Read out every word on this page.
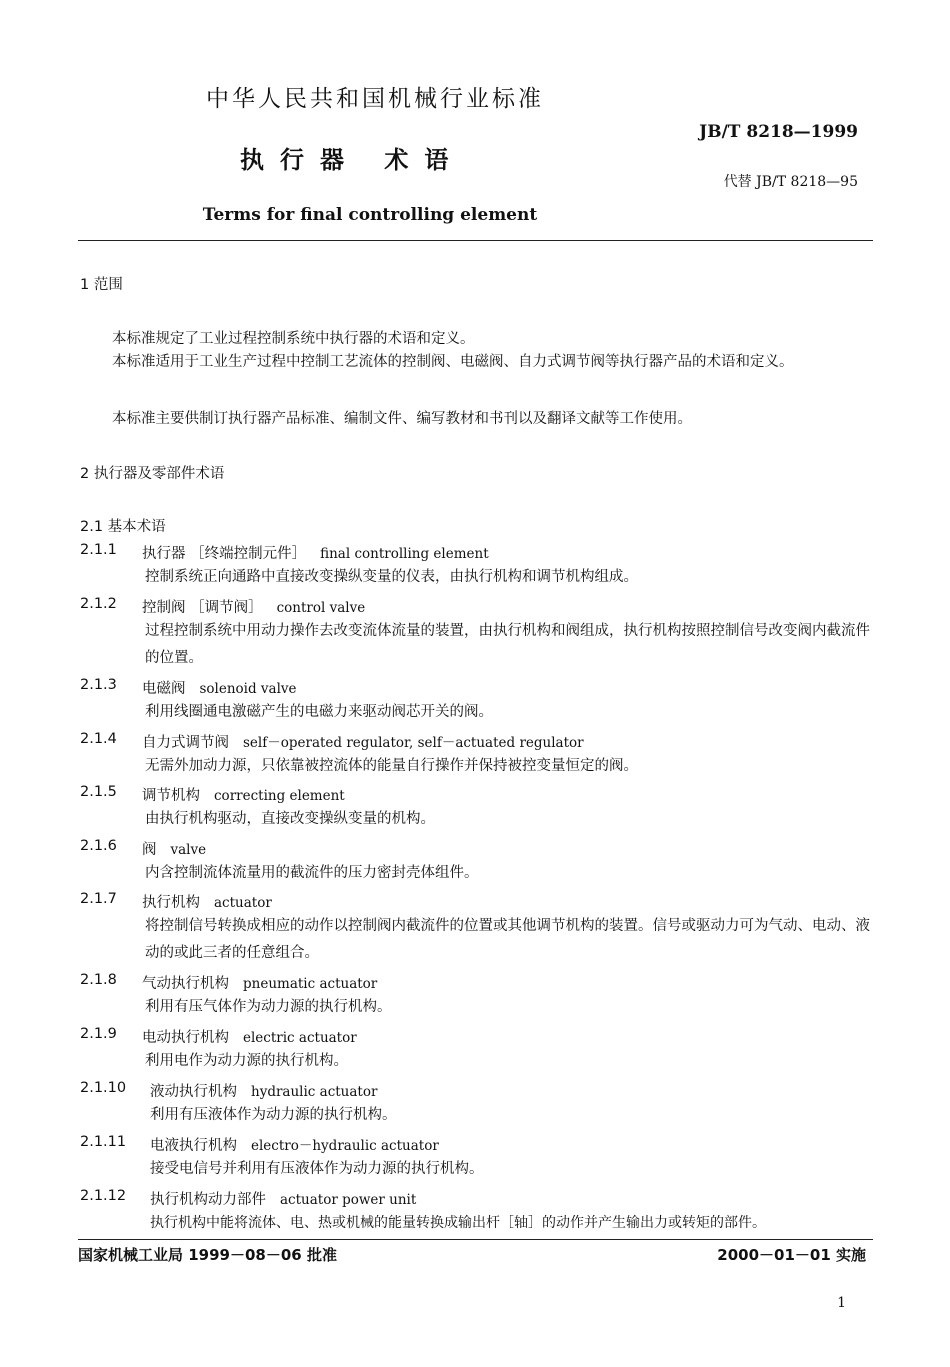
中华人民共和国机械行业标准
执行器 术语
JB/T 8218—1999
代替 JB/T 8218—95
Terms for final controlling element
1 范围
本标准规定了工业过程控制系统中执行器的术语和定义。
本标准适用于工业生产过程中控制工艺流体的控制阀、电磁阀、自力式调节阀等执行器产品的术语和定义。
本标准主要供制订执行器产品标准、编制文件、编写教材和书刊以及翻译文献等工作使用。
2 执行器及零部件术语
2.1 基本术语
2.1.1 执行器 ［终端控制元件］ final controlling element
控制系统正向通路中直接改变操纵变量的仪表，由执行机构和调节机构组成。
2.1.2 控制阀 ［调节阀］ control valve
过程控制系统中用动力操作去改变流体流量的装置，由执行机构和阀组成，执行机构按照控制信号改变阀内截流件的位置。
2.1.3 电磁阀 solenoid valve
利用线圈通电激磁产生的电磁力来驱动阀芯开关的阀。
2.1.4 自力式调节阀 self－operated regulator, self－actuated regulator
无需外加动力源，只依靠被控流体的能量自行操作并保持被控变量恒定的阀。
2.1.5 调节机构 correcting element
由执行机构驱动，直接改变操纵变量的机构。
2.1.6 阀 valve
内含控制流体流量用的截流件的压力密封壳体组件。
2.1.7 执行机构 actuator
将控制信号转换成相应的动作以控制阀内截流件的位置或其他调节机构的装置。信号或驱动力可为气动、电动、液动的或此三者的任意组合。
2.1.8 气动执行机构 pneumatic actuator
利用有压气体作为动力源的执行机构。
2.1.9 电动执行机构 electric actuator
利用电作为动力源的执行机构。
2.1.10 液动执行机构 hydraulic actuator
利用有压液体作为动力源的执行机构。
2.1.11 电液执行机构 electro－hydraulic actuator
接受电信号并利用有压液体作为动力源的执行机构。
2.1.12 执行机构动力部件 actuator power unit
执行机构中能将流体、电、热或机械的能量转换成输出杆［轴］的动作并产生输出力或转矩的部件。
国家机械工业局 1999－08－06 批准	2000－01－01 实施
1
